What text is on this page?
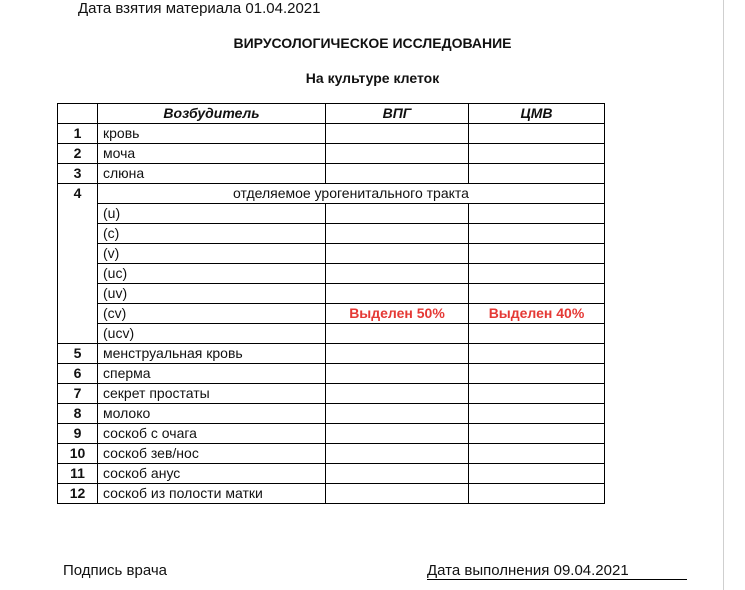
Дата взятия материала 01.04.2021
ВИРУСОЛОГИЧЕСКОЕ ИССЛЕДОВАНИЕ
На культуре клеток
	Возбудитель	ВПГ	ЦМВ
1	кровь		
2	моча		
3	слюна		
4	отделяемое урогенитального тракта		
	(u)		
	(c)		
	(v)		
	(uc)		
	(uv)		
	(cv)	Выделен 50%	Выделен 40%
	(ucv)		
5	менструальная кровь		
6	сперма		
7	секрет простаты		
8	молоко		
9	соскоб с очага		
10	соскоб зев/нос		
11	соскоб анус		
12	соскоб из полости матки		
Подпись врача	Дата выполнения 09.04.2021
